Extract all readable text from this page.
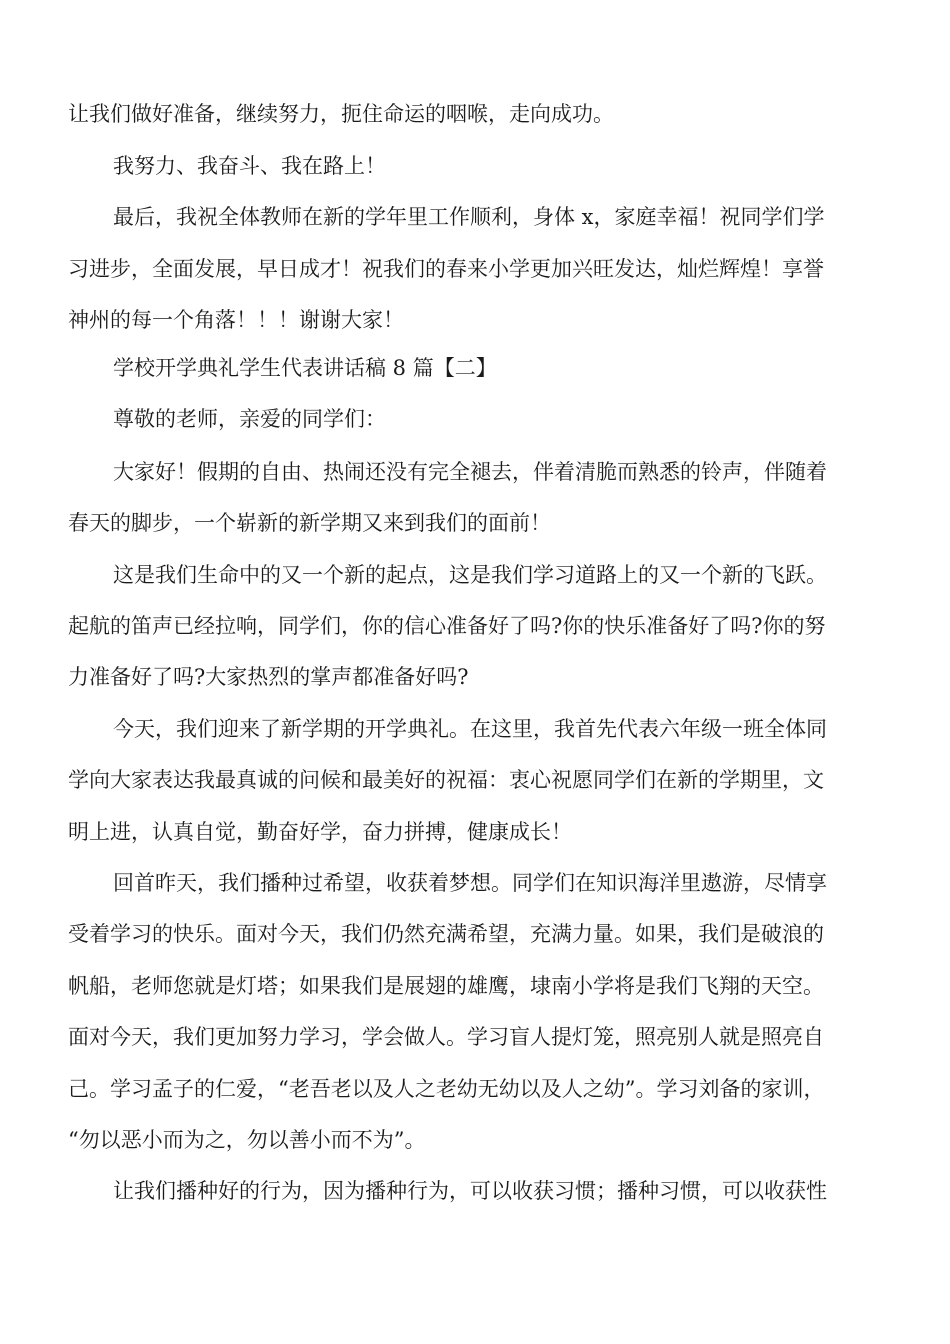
让我们做好准备，继续努力，扼住命运的咽喉，走向成功。
我努力、我奋斗、我在路上！
最后，我祝全体教师在新的学年里工作顺利，身体 x，家庭幸福！祝同学们学
习进步，全面发展，早日成才！祝我们的春来小学更加兴旺发达，灿烂辉煌！享誉
神州的每一个角落！！！谢谢大家！
学校开学典礼学生代表讲话稿 8 篇【二】
尊敬的老师，亲爱的同学们：
大家好！假期的自由、热闹还没有完全褪去，伴着清脆而熟悉的铃声，伴随着
春天的脚步，一个崭新的新学期又来到我们的面前！
这是我们生命中的又一个新的起点，这是我们学习道路上的又一个新的飞跃。
起航的笛声已经拉响，同学们，你的信心准备好了吗?你的快乐准备好了吗?你的努
力准备好了吗?大家热烈的掌声都准备好吗?
今天，我们迎来了新学期的开学典礼。在这里，我首先代表六年级一班全体同
学向大家表达我最真诚的问候和最美好的祝福：衷心祝愿同学们在新的学期里，文
明上进，认真自觉，勤奋好学，奋力拼搏，健康成长！
回首昨天，我们播种过希望，收获着梦想。同学们在知识海洋里遨游，尽情享
受着学习的快乐。面对今天，我们仍然充满希望，充满力量。如果，我们是破浪的
帆船，老师您就是灯塔；如果我们是展翅的雄鹰，埭南小学将是我们飞翔的天空。
面对今天，我们更加努力学习，学会做人。学习盲人提灯笼，照亮别人就是照亮自
己。学习孟子的仁爱，“老吾老以及人之老幼无幼以及人之幼”。学习刘备的家训，
“勿以恶小而为之，勿以善小而不为”。
让我们播种好的行为，因为播种行为，可以收获习惯；播种习惯，可以收获性
